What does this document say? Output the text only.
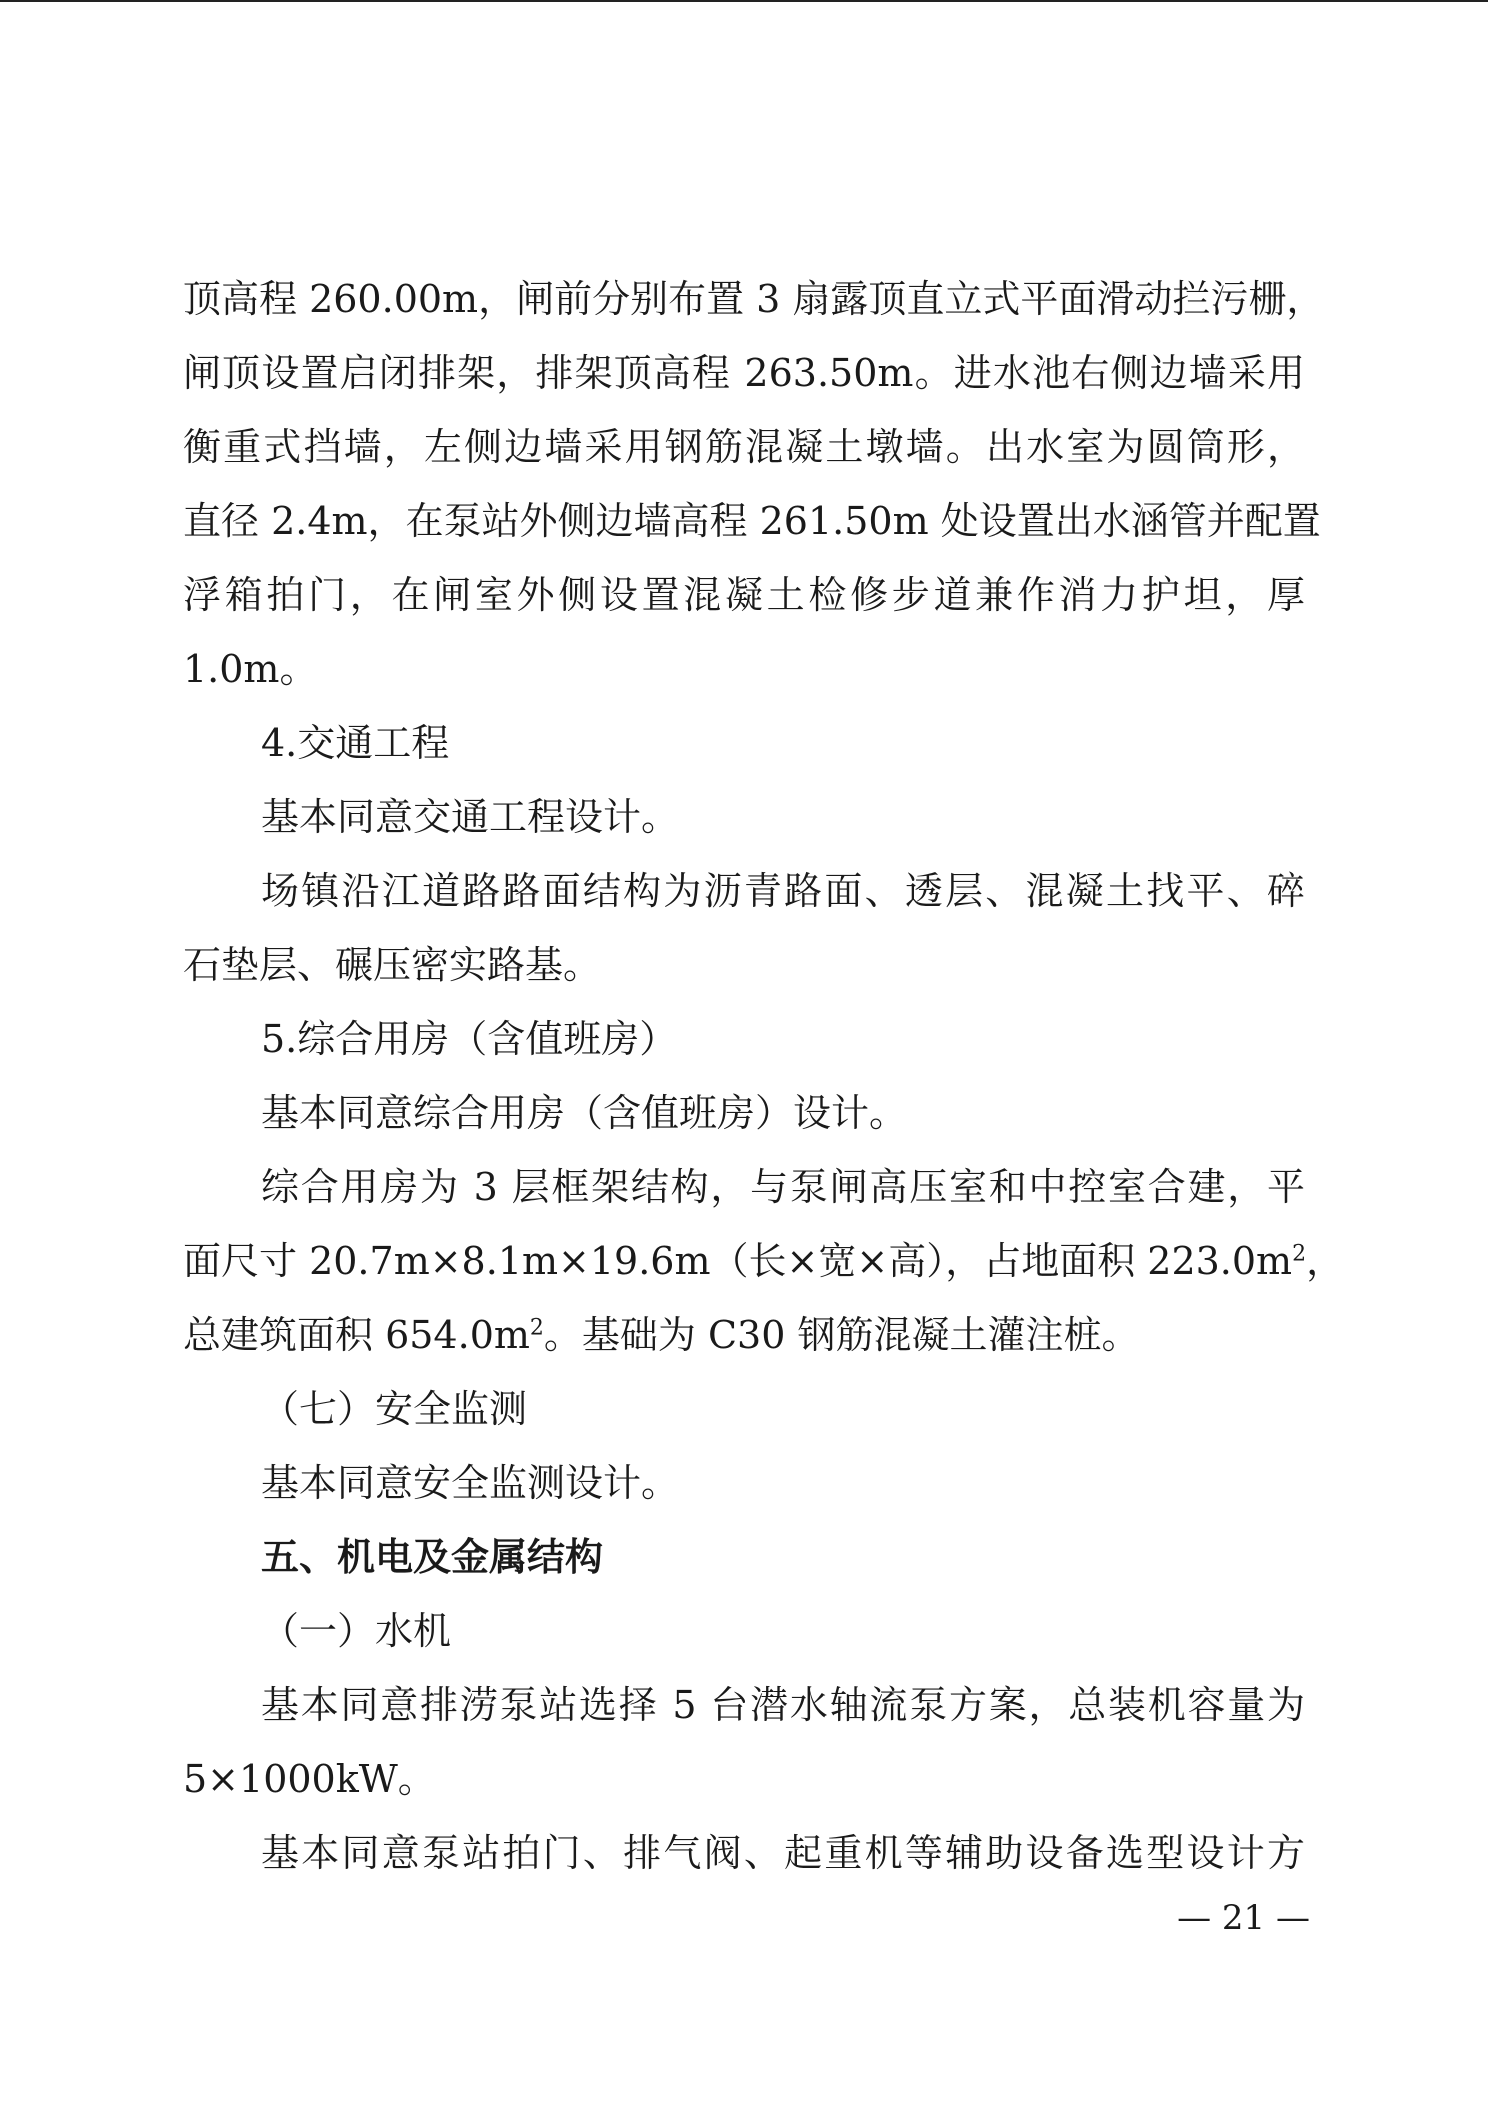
顶高程 260.00m，闸前分别布置 3 扇露顶直立式平面滑动拦污栅，
闸顶设置启闭排架，排架顶高程 263.50m。进水池右侧边墙采用
衡重式挡墙，左侧边墙采用钢筋混凝土墩墙。出水室为圆筒形，
直径 2.4m，在泵站外侧边墙高程 261.50m 处设置出水涵管并配置
浮箱拍门，在闸室外侧设置混凝土检修步道兼作消力护坦，厚
1.0m。
4.交通工程
基本同意交通工程设计。
场镇沿江道路路面结构为沥青路面、透层、混凝土找平、碎
石垫层、碾压密实路基。
5.综合用房（含值班房）
基本同意综合用房（含值班房）设计。
综合用房为 3 层框架结构，与泵闸高压室和中控室合建，平
面尺寸 20.7m×8.1m×19.6m（长×宽×高），占地面积 $223.0m^2$，
总建筑面积 $654.0m^2$。基础为 C30 钢筋混凝土灌注桩。
（七）安全监测
基本同意安全监测设计。
五、机电及金属结构
（一）水机
基本同意排涝泵站选择 5 台潜水轴流泵方案，总装机容量为
5×1000kW。
基本同意泵站拍门、排气阀、起重机等辅助设备选型设计方
— 21 —
